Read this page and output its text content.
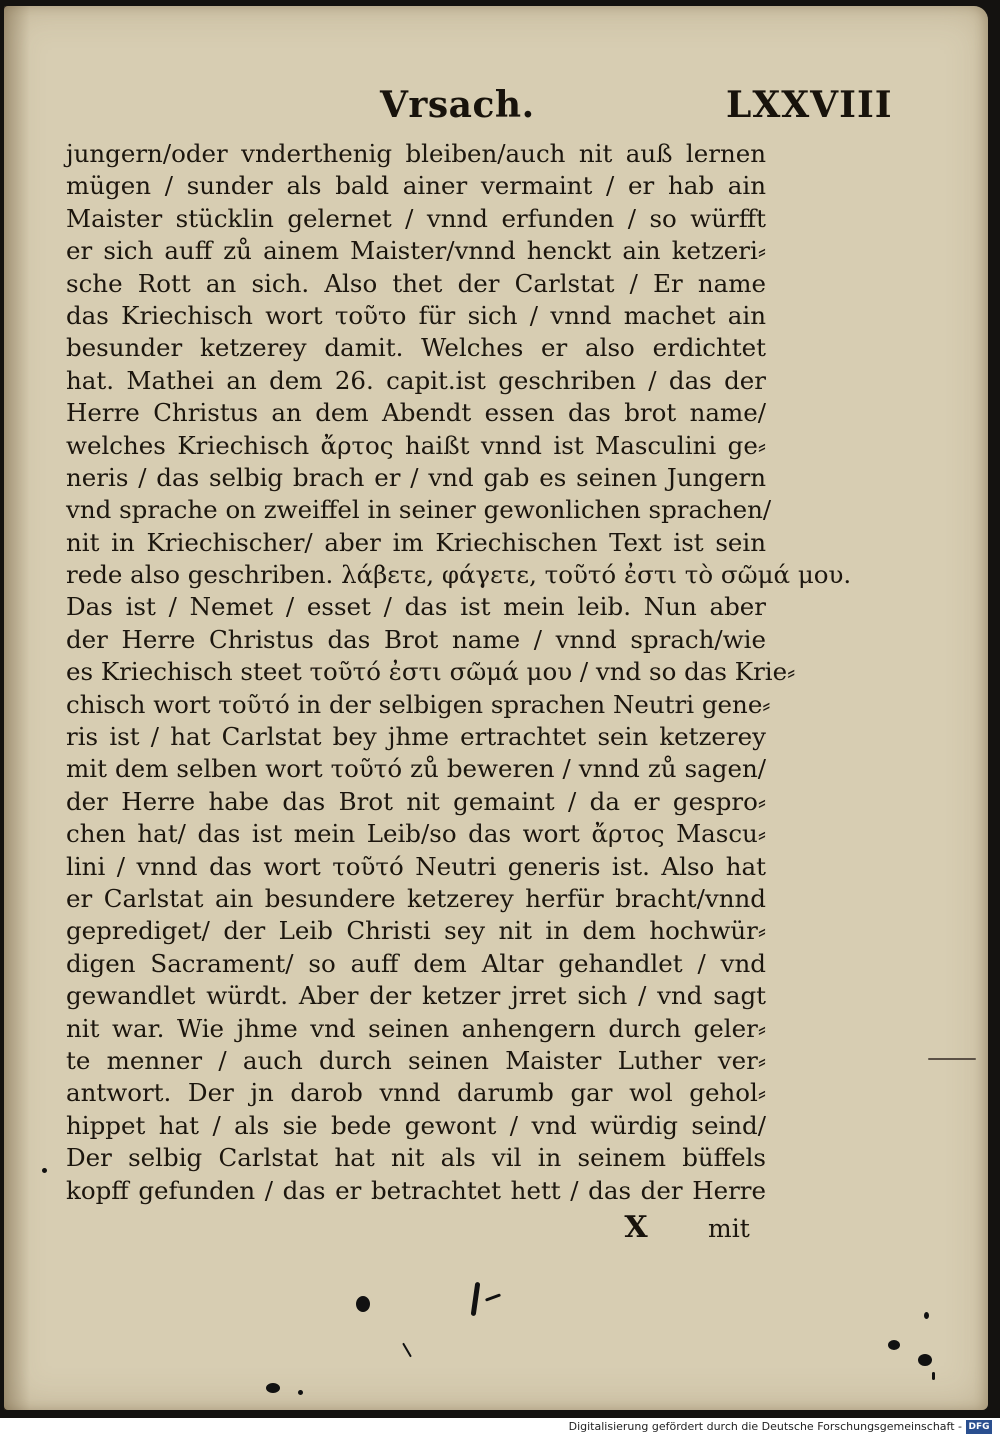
Vrsach.	LXXVIII
jungern/oder vnderthenig bleiben/auch nit auß lernen
mügen / sunder als bald ainer vermaint / er hab ain
Maister stücklin gelernet / vnnd erfunden / so würfft
er sich auff zů ainem Maister/vnnd henckt ain ketzeri⸗
sche Rott an sich. Also thet der Carlstat / Er name
das Kriechisch wort τοῦτο für sich / vnnd machet ain
besunder ketzerey damit. Welches er also erdichtet
hat. Mathei an dem 26. capit.ist geschriben / das der
Herre Christus an dem Abendt essen das brot name/
welches Kriechisch ἄρτος haißt vnnd ist Masculini ge⸗
neris / das selbig brach er / vnd gab es seinen Jungern
vnd sprache on zweiffel in seiner gewonlichen sprachen/
nit in Kriechischer/ aber im Kriechischen Text ist sein
rede also geschriben. λάβετε, φάγετε, τοῦτό ἐστι τὸ σῶμά μου.
Das ist / Nemet / esset / das ist mein leib. Nun aber
der Herre Christus das Brot name / vnnd sprach/wie
es Kriechisch steet τοῦτό ἐστι σῶμά μου / vnd so das Krie⸗
chisch wort τοῦτό in der selbigen sprachen Neutri gene⸗
ris ist / hat Carlstat bey jhme ertrachtet sein ketzerey
mit dem selben wort τοῦτό zů beweren / vnnd zů sagen/
der Herre habe das Brot nit gemaint / da er gespro⸗
chen hat/ das ist mein Leib/so das wort ἄρτος Mascu⸗
lini / vnnd das wort τοῦτό Neutri generis ist. Also hat
er Carlstat ain besundere ketzerey herfür bracht/vnnd
geprediget/ der Leib Christi sey nit in dem hochwür⸗
digen Sacrament/ so auff dem Altar gehandlet / vnd
gewandlet würdt. Aber der ketzer jrret sich / vnd sagt
nit war. Wie jhme vnd seinen anhengern durch geler⸗
te menner / auch durch seinen Maister Luther ver⸗
antwort. Der jn darob vnnd darumb gar wol gehol⸗
hippet hat / als sie bede gewont / vnd würdig seind/
Der selbig Carlstat hat nit als vil in seinem büffels
kopff gefunden / das er betrachtet hett / das der Herre
X	mit
Digitalisierung gefördert durch die Deutsche Forschungsgemeinschaft - DFG
